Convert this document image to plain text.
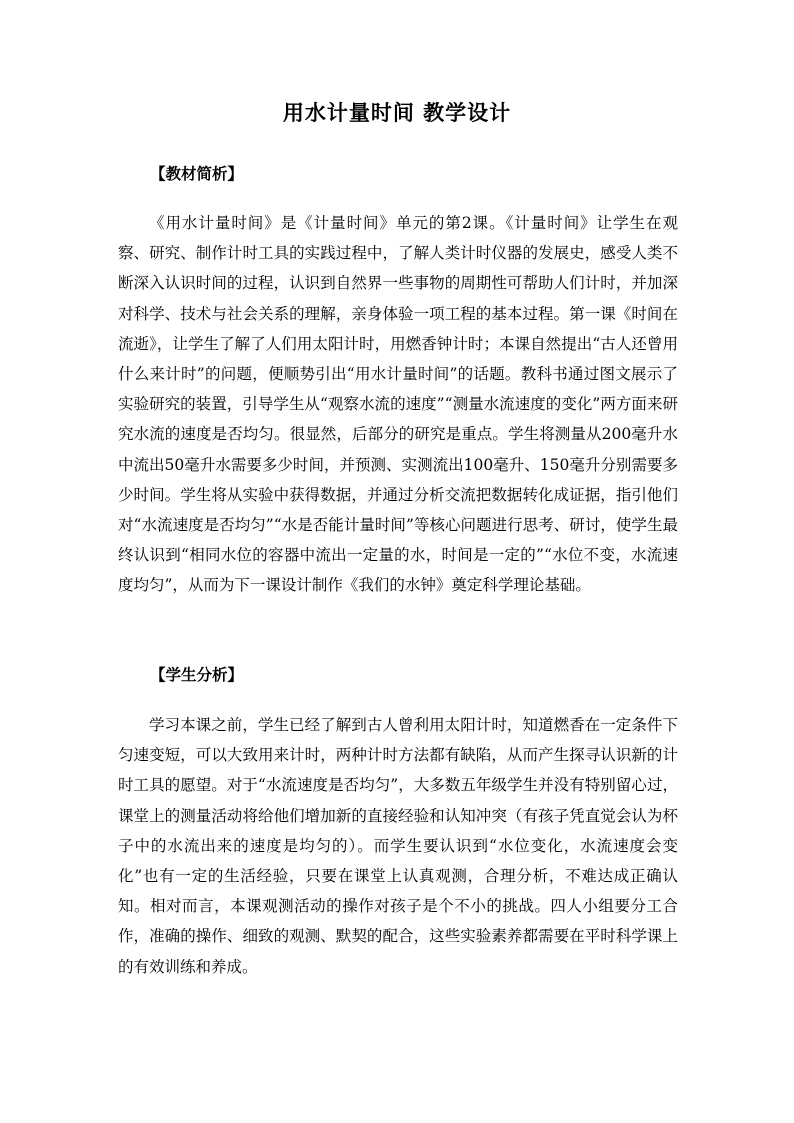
用水计量时间 教学设计
【教材简析】

《用水计量时间》是《计量时间》单元的第2课。《计量时间》让学生在观察、研究、制作计时工具的实践过程中，了解人类计时仪器的发展史，感受人类不断深入认识时间的过程，认识到自然界一些事物的周期性可帮助人们计时，并加深对科学、技术与社会关系的理解，亲身体验一项工程的基本过程。第一课《时间在流逝》，让学生了解了人们用太阳计时，用燃香钟计时；本课自然提出“古人还曾用什么来计时”的问题，便顺势引出“用水计量时间”的话题。教科书通过图文展示了实验研究的装置，引导学生从“观察水流的速度”“测量水流速度的变化”两方面来研究水流的速度是否均匀。很显然，后部分的研究是重点。学生将测量从200毫升水中流出50毫升水需要多少时间，并预测、实测流出100毫升、150毫升分别需要多少时间。学生将从实验中获得数据，并通过分析交流把数据转化成证据，指引他们对“水流速度是否均匀”“水是否能计量时间”等核心问题进行思考、研讨，使学生最终认识到“相同水位的容器中流出一定量的水，时间是一定的”“水位不变，水流速度均匀”，从而为下一课设计制作《我们的水钟》奠定科学理论基础。

【学生分析】

学习本课之前，学生已经了解到古人曾利用太阳计时，知道燃香在一定条件下匀速变短，可以大致用来计时，两种计时方法都有缺陷，从而产生探寻认识新的计时工具的愿望。对于“水流速度是否均匀”，大多数五年级学生并没有特别留心过，课堂上的测量活动将给他们增加新的直接经验和认知冲突（有孩子凭直觉会认为杯子中的水流出来的速度是均匀的）。而学生要认识到“水位变化，水流速度会变化”也有一定的生活经验，只要在课堂上认真观测，合理分析，不难达成正确认知。相对而言，本课观测活动的操作对孩子是个不小的挑战。四人小组要分工合作，准确的操作、细致的观测、默契的配合，这些实验素养都需要在平时科学课上的有效训练和养成。
